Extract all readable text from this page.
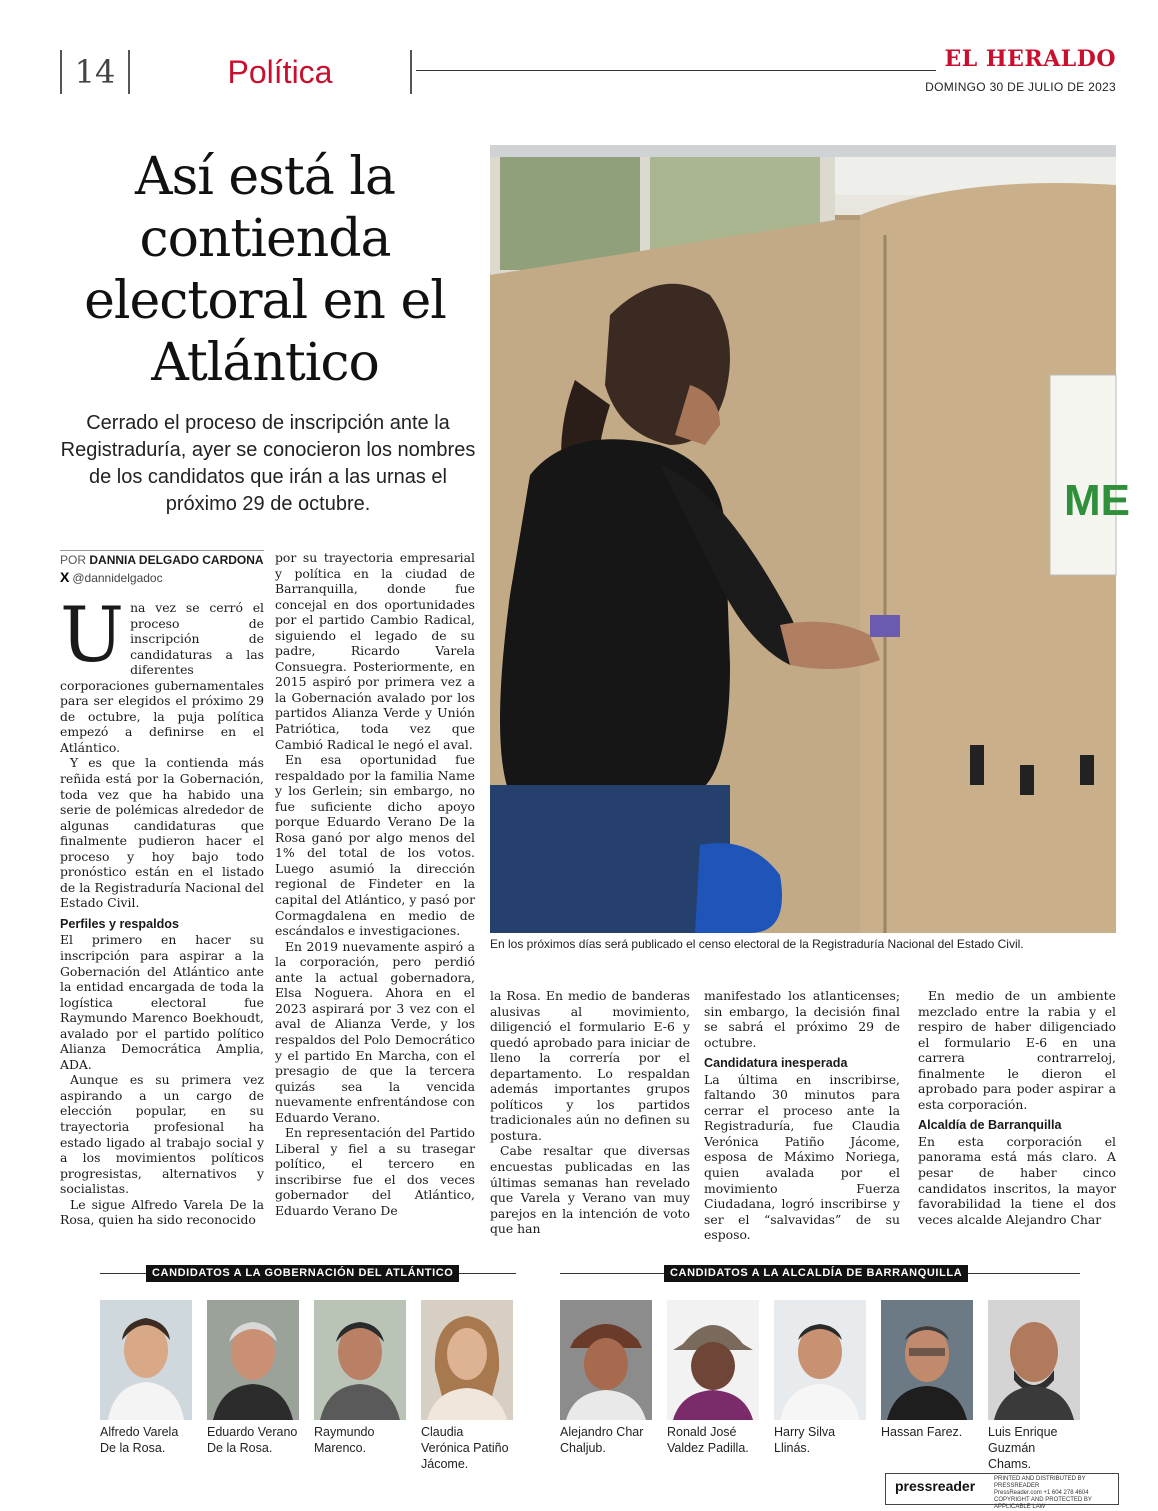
14	Política	EL HERALDO
DOMINGO 30 DE JULIO DE 2023
Así está la contienda electoral en el Atlántico
Cerrado el proceso de inscripción ante la Registraduría, ayer se conocieron los nombres de los candidatos que irán a las urnas el próximo 29 de octubre.	ME
En los próximos días será publicado el censo electoral de la Registraduría Nacional del Estado Civil.
POR DANNIA DELGADO CARDONA
X @dannidelgadoc

Una vez se cerró el proceso de inscripción de candidaturas a las diferentes corporaciones gubernamentales para ser elegidos el próximo 29 de octubre, la puja política empezó a definirse en el Atlántico.

Y es que la contienda más reñida está por la Gobernación, toda vez que ha habido una serie de polémicas alrededor de algunas candidaturas que finalmente pudieron hacer el proceso y hoy bajo todo pronóstico están en el listado de la Registraduría Nacional del Estado Civil.

Perfiles y respaldos

El primero en hacer su inscripción para aspirar a la Gobernación del Atlántico ante la entidad encargada de toda la logística electoral fue Raymundo Marenco Boekhoudt, avalado por el partido político Alianza Democrática Amplia, ADA.

Aunque es su primera vez aspirando a un cargo de elección popular, en su trayectoria profesional ha estado ligado al trabajo social y a los movimientos políticos progresistas, alternativos y socialistas.

Le sigue Alfredo Varela De la Rosa, quien ha sido reconocido

por su trayectoria empresarial y política en la ciudad de Barranquilla, donde fue concejal en dos oportunidades por el partido Cambio Radical, siguiendo el legado de su padre, Ricardo Varela Consuegra. Posteriormente, en 2015 aspiró por primera vez a la Gobernación avalado por los partidos Alianza Verde y Unión Patriótica, toda vez que Cambió Radical le negó el aval.

En esa oportunidad fue respaldado por la familia Name y los Gerlein; sin embargo, no fue suficiente dicho apoyo porque Eduardo Verano De la Rosa ganó por algo menos del 1% del total de los votos. Luego asumió la dirección regional de Findeter en la capital del Atlántico, y pasó por Cormagdalena en medio de escándalos e investigaciones.

En 2019 nuevamente aspiró a la corporación, pero perdió ante la actual gobernadora, Elsa Noguera. Ahora en el 2023 aspirará por 3 vez con el aval de Alianza Verde, y los respaldos del Polo Democrático y el partido En Marcha, con el presagio de que la tercera quizás sea la vencida nuevamente enfrentándose con Eduardo Verano.

En representación del Partido Liberal y fiel a su trasegar político, el tercero en inscribirse fue el dos veces gobernador del Atlántico, Eduardo Verano De

la Rosa. En medio de banderas alusivas al movimiento, diligenció el formulario E-6 y quedó aprobado para iniciar de lleno la correría por el departamento. Lo respaldan además importantes grupos políticos y los partidos tradicionales aún no definen su postura.

Cabe resaltar que diversas encuestas publicadas en las últimas semanas han revelado que Varela y Verano van muy parejos en la intención de voto que han

manifestado los atlanticenses; sin embargo, la decisión final se sabrá el próximo 29 de octubre.

Candidatura inesperada

La última en inscribirse, faltando 30 minutos para cerrar el proceso ante la Registraduría, fue Claudia Verónica Patiño Jácome, esposa de Máximo Noriega, quien avalada por el movimiento Fuerza Ciudadana, logró inscribirse y ser el “salvavidas” de su esposo.

En medio de un ambiente mezclado entre la rabia y el respiro de haber diligenciado el formulario E-6 en una carrera contrarreloj, finalmente le dieron el aprobado para poder aspirar a esta corporación.

Alcaldía de Barranquilla

En esta corporación el panorama está más claro. A pesar de haber cinco candidatos inscritos, la mayor favorabilidad la tiene el dos veces alcalde Alejandro Char

CANDIDATOS A LA GOBERNACIÓN DEL ATLÁNTICO	CANDIDATOS A LA ALCALDÍA DE BARRANQUILLA
Alfredo Varela De la Rosa.
Eduardo Verano De la Rosa.
Raymundo Marenco.
Claudia Verónica Patiño Jácome.
Alejandro Char Chaljub.
Ronald José Valdez Padilla.
Harry Silva Llinás.
Hassan Farez.	Luis Enrique Guzmán Chams.
pressreader	PRINTED AND DISTRIBUTED BY PRESSREADER
PressReader.com +1 604 278 4604
COPYRIGHT AND PROTECTED BY APPLICABLE LAW
